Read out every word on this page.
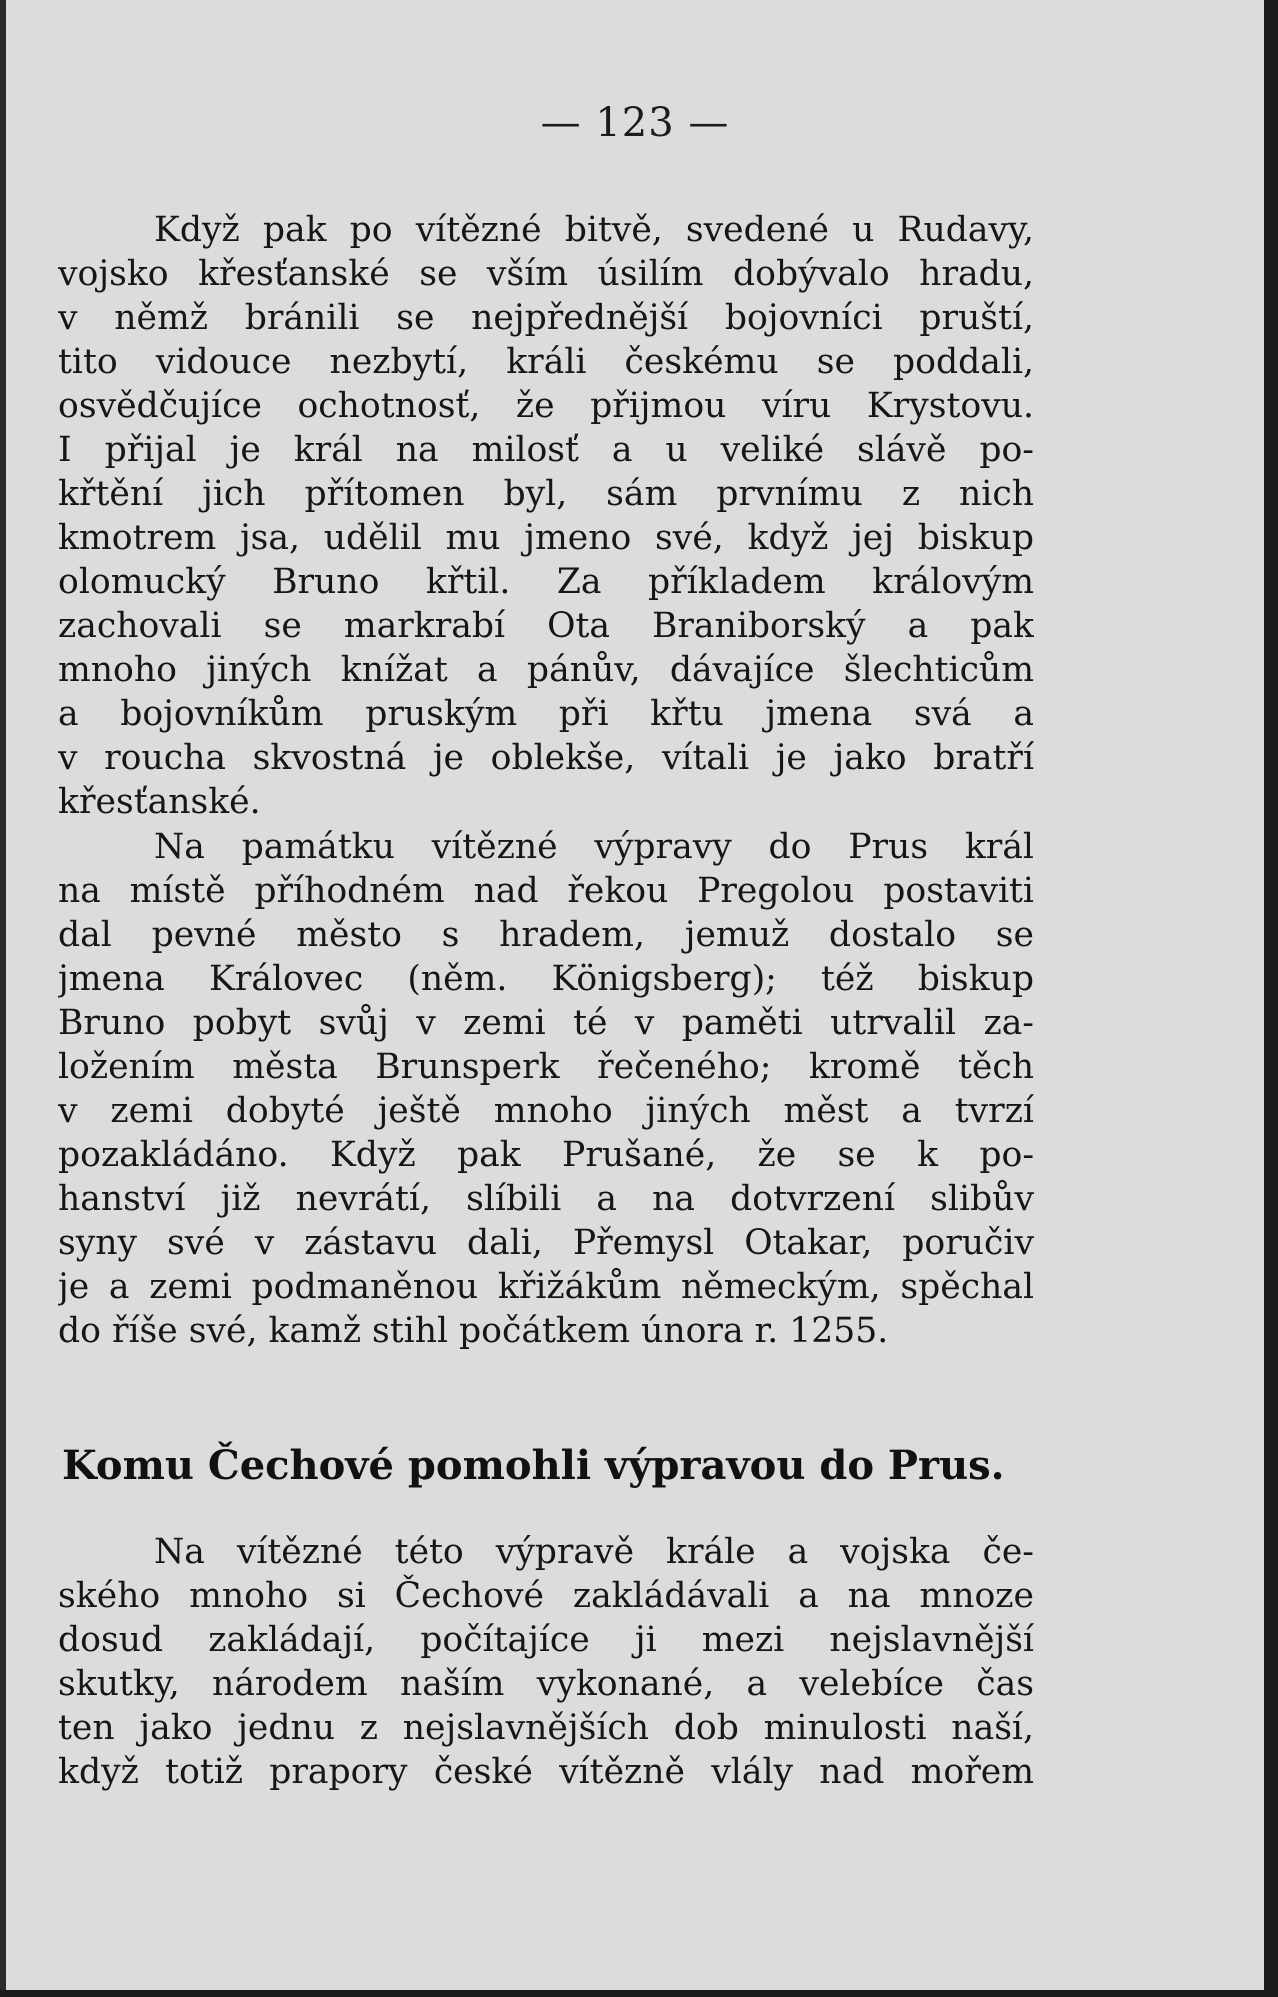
— 123 —
Když pak po vítězné bitvě, svedené u Rudavy,
vojsko křesťanské se vším úsilím dobývalo hradu,
v němž bránili se nejpřednější bojovníci pruští,
tito vidouce nezbytí, králi českému se poddali,
osvědčujíce ochotnosť, že přijmou víru Krystovu.
I přijal je král na milosť a u veliké slávě po-
křtění jich přítomen byl, sám prvnímu z nich
kmotrem jsa, udělil mu jmeno své, když jej biskup
olomucký Bruno křtil. Za příkladem královým
zachovali se markrabí Ota Braniborský a pak
mnoho jiných knížat a pánův, dávajíce šlechticům
a bojovníkům pruským při křtu jmena svá a
v roucha skvostná je oblekše, vítali je jako bratří
křesťanské.
Na památku vítězné výpravy do Prus král
na místě příhodném nad řekou Pregolou postaviti
dal pevné město s hradem, jemuž dostalo se
jmena Královec (něm. Königsberg); též biskup
Bruno pobyt svůj v zemi té v paměti utrvalil za-
ložením města Brunsperk řečeného; kromě těch
v zemi dobyté ještě mnoho jiných měst a tvrzí
pozakládáno. Když pak Prušané, že se k po-
hanství již nevrátí, slíbili a na dotvrzení slibův
syny své v zástavu dali, Přemysl Otakar, poručiv
je a zemi podmaněnou křižákům německým, spěchal
do říše své, kamž stihl počátkem února r. 1255.
Komu Čechové pomohli výpravou do Prus.
Na vítězné této výpravě krále a vojska če-
ského mnoho si Čechové zakládávali a na mnoze
dosud zakládají, počítajíce ji mezi nejslavnější
skutky, národem naším vykonané, a velebíce čas
ten jako jednu z nejslavnějších dob minulosti naší,
když totiž prapory české vítězně vlály nad mořem
